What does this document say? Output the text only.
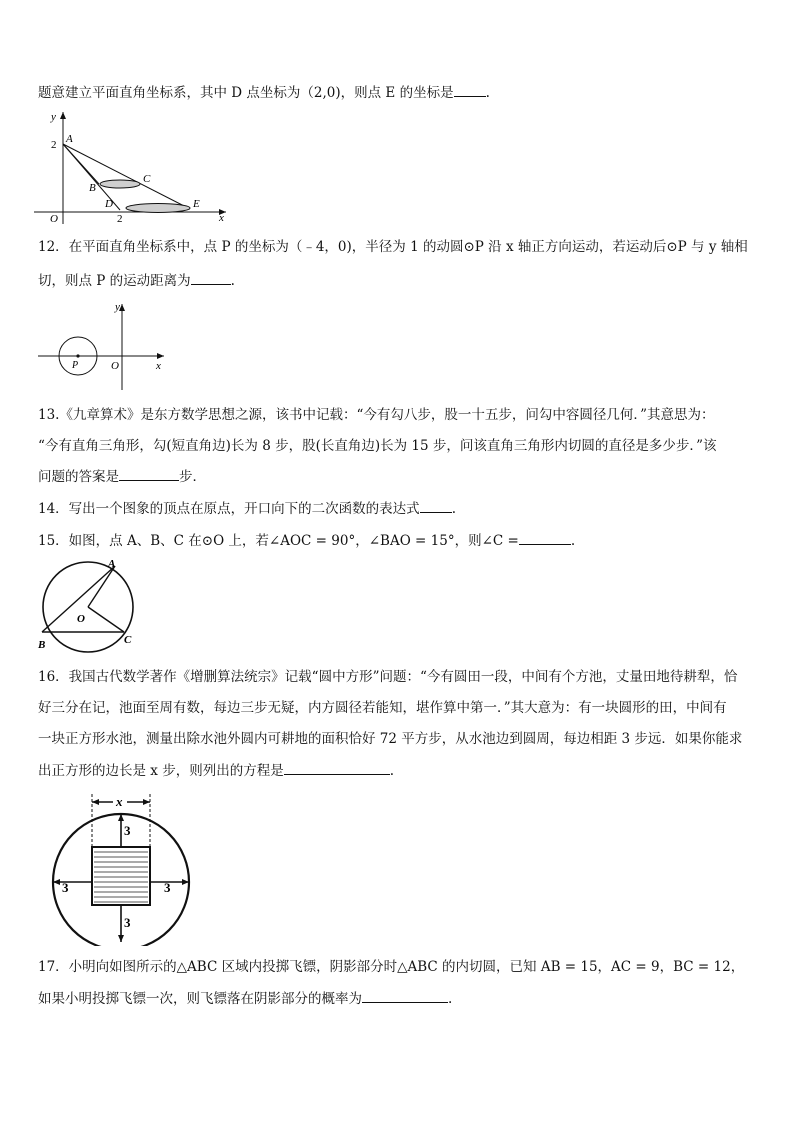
题意建立平面直角坐标系，其中 D 点坐标为（2,0)，则点 E 的坐标是 .
y
A
2
B
C
O
D
2
E
x
12．在平面直角坐标系中，点 P 的坐标为（﹣4，0)，半径为 1 的动圆⊙P 沿 x 轴正方向运动，若运动后⊙P 与 y 轴相
切，则点 P 的运动距离为	.
y
P	O	x
13.《九章算术》是东方数学思想之源，该书中记载：“今有勾八步，股一十五步，问勾中容圆径几何．”其意思为：
“今有直角三角形，勾(短直角边)长为 8 步，股(长直角边)长为 15 步，问该直角三角形内切圆的直径是多少步．”该
问题的答案是	步．
14．写出一个图象的顶点在原点，开口向下的二次函数的表达式 .
15．如图，点 A、B、C 在⊙O 上，若∠AOC = 90°，∠BAO = 15°，则∠C =	.
A
O
B	C
16．我国古代数学著作《增删算法统宗》记载“圆中方形”问题：“今有圆田一段，中间有个方池，丈量田地待耕犁，恰
好三分在记，池面至周有数，每边三步无疑，内方圆径若能知，堪作算中第一．”其大意为：有一块圆形的田，中间有
一块正方形水池，测量出除水池外圆内可耕地的面积恰好 72 平方步，从水池边到圆周，每边相距 3 步远．如果你能求
出正方形的边长是 x 步，则列出的方程是	.
x
3
3	3
3
17．小明向如图所示的△ABC 区域内投掷飞镖，阴影部分时△ABC 的内切圆，已知 AB = 15，AC = 9，BC = 12，
如果小明投掷飞镖一次，则飞镖落在阴影部分的概率为	.
